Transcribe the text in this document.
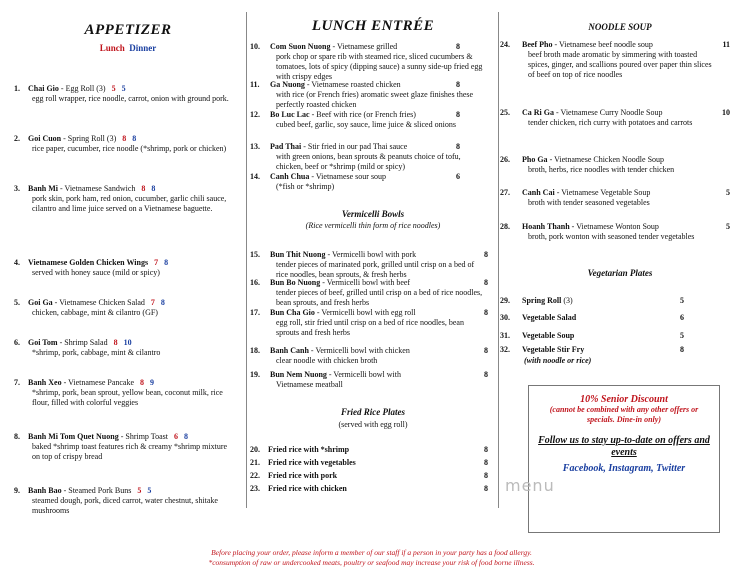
APPETIZER
Lunch Dinner
1. Chai Gio - Egg Roll (3) 5 5
egg roll wrapper, rice noodle, carrot, onion with ground pork.
2. Goi Cuon - Spring Roll (3) 8 8
rice paper, cucumber, rice noodle (*shrimp, pork or chicken)
3. Banh Mi - Vietnamese Sandwich 8 8
pork skin, pork ham, red onion, cucumber, garlic chili sauce, cilantro and lime juice served on a Vietnamese baguette.
4. Vietnamese Golden Chicken Wings 7 8
served with honey sauce (mild or spicy)
5. Goi Ga - Vietnamese Chicken Salad 7 8
chicken, cabbage, mint & cilantro (GF)
6. Goi Tom - Shrimp Salad 8 10
*shrimp, pork, cabbage, mint & cilantro
7. Banh Xeo - Vietnamese Pancake 8 9
*shrimp, pork, bean sprout, yellow bean, coconut milk, rice flour, filled with colorful veggies
8. Banh Mi Tom Quet Nuong - Shrimp Toast 6 8
baked *shrimp toast features rich & creamy *shrimp mixture on top of crispy bread
9. Banh Bao - Steamed Pork Buns 5 5
steamed dough, pork, diced carrot, water chestnut, shitake mushrooms
LUNCH ENTRÉE
10. Com Suon Nuong - Vietnamese grilled	8
pork chop or spare rib with steamed rice, sliced cucumbers & tomatoes, lots of spicy (dipping sauce) a sunny side-up fried egg with crispy edges
11. Ga Nuong - Vietnamese roasted chicken	8
with rice (or French fries) aromatic sweet glaze finishes these perfectly roasted chicken
12. Bo Luc Lac - Beef with rice (or French fries)	8
cubed beef, garlic, soy sauce, lime juice & sliced onions
13. Pad Thai - Stir fried in our pad Thai sauce	8
with green onions, bean sprouts & peanuts choice of tofu, chicken, beef or *shrimp (mild or spicy)
14. Canh Chua - Vietnamese sour soup	6
(*fish or *shrimp)
Vermicelli Bowls
(Rice vermicelli thin form of rice noodles)
15. Bun Thit Nuong - Vermicelli bowl with pork	8
tender pieces of marinated pork, grilled until crisp on a bed of rice noodles, bean sprouts, & fresh herbs
16. Bun Bo Nuong - Vermicelli bowl with beef	8
tender pieces of beef, grilled until crisp on a bed of rice noodles, bean sprouts, and fresh herbs
17. Bun Cha Gio - Vermicelli bowl with egg roll	8
egg roll, stir fried until crisp on a bed of rice noodles, bean sprouts and fresh herbs
18. Banh Canh - Vermicelli bowl with chicken	8
clear noodle with chicken broth
19. Bun Nem Nuong - Vermicelli bowl with	8
Vietnamese meatball
Fried Rice Plates
(served with egg roll)
20. Fried rice with *shrimp	8
21. Fried rice with vegetables	8
22. Fried rice with pork	8
23. Fried rice with chicken	8
NOODLE SOUP
24. Beef Pho - Vietnamese beef noodle soup	11
beef broth made aromatic by simmering with toasted spices, ginger, and scallions poured over paper thin slices of beef on top of rice noodles
25. Ca Ri Ga - Vietnamese Curry Noodle Soup	10
tender chicken, rich curry with potatoes and carrots
26. Pho Ga - Vietnamese Chicken Noodle Soup
broth, herbs, rice noodles with tender chicken
27. Canh Cai - Vietnamese Vegetable Soup	5
broth with tender seasoned vegetables
28. Hoanh Thanh - Vietnamese Wonton Soup	5
broth, pork wonton with seasoned tender vegetables
Vegetarian Plates
29. Spring Roll (3)	5
30. Vegetable Salad	6
31. Vegetable Soup	5
32. Vegetable Stir Fry	8
(with noodle or rice)
10% Senior Discount
(cannot be combined with any other offers or specials. Dine-in only)
Follow us to stay up-to-date on offers and events
Facebook, Instagram, Twitter
menu
Before placing your order, please inform a member of our staff if a person in your party has a food allergy.
*consumption of raw or undercooked meats, poultry or seafood may increase your risk of food borne illness.
